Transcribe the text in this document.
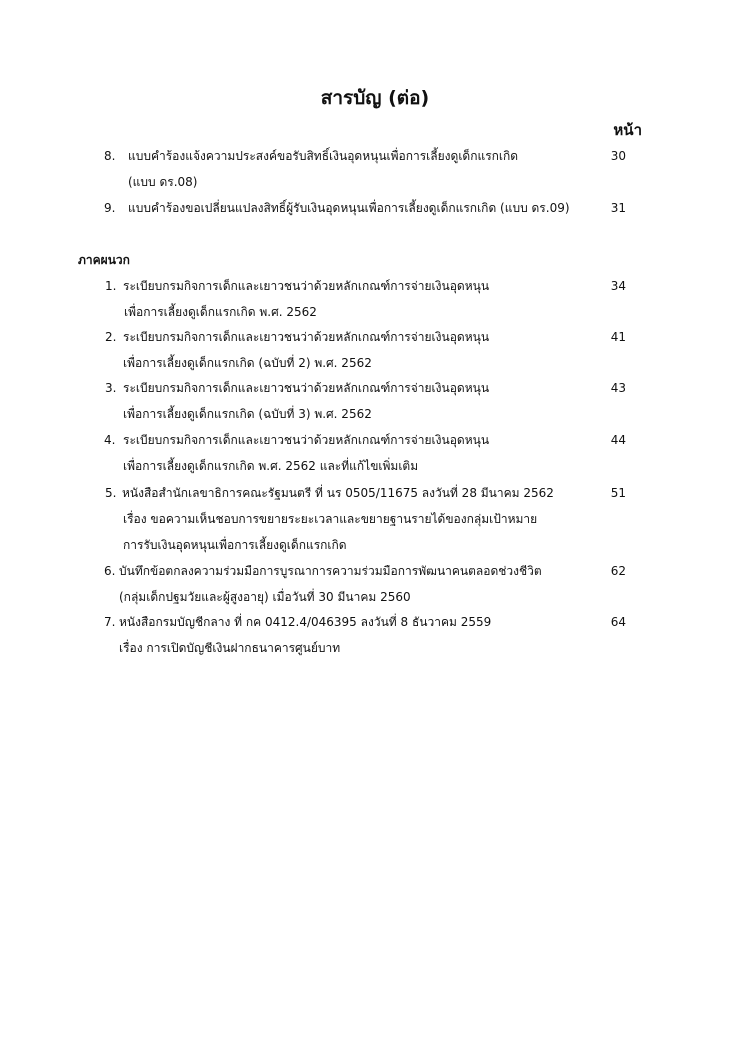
สารบัญ (ต่อ)
หน้า
8. แบบคำร้องแจ้งความประสงค์ขอรับสิทธิ์เงินอุดหนุนเพื่อการเลี้ยงดูเด็กแรกเกิด
(แบบ ดร.08)
30
9. แบบคำร้องขอเปลี่ยนแปลงสิทธิ์ผู้รับเงินอุดหนุนเพื่อการเลี้ยงดูเด็กแรกเกิด (แบบ ดร.09)	31
ภาคผนวก
1. ระเบียบกรมกิจการเด็กและเยาวชนว่าด้วยหลักเกณฑ์การจ่ายเงินอุดหนุน
เพื่อการเลี้ยงดูเด็กแรกเกิด พ.ศ. 2562
34
2. ระเบียบกรมกิจการเด็กและเยาวชนว่าด้วยหลักเกณฑ์การจ่ายเงินอุดหนุน
เพื่อการเลี้ยงดูเด็กแรกเกิด (ฉบับที่ 2) พ.ศ. 2562
41
3. ระเบียบกรมกิจการเด็กและเยาวชนว่าด้วยหลักเกณฑ์การจ่ายเงินอุดหนุน
เพื่อการเลี้ยงดูเด็กแรกเกิด (ฉบับที่ 3) พ.ศ. 2562
43
4. ระเบียบกรมกิจการเด็กและเยาวชนว่าด้วยหลักเกณฑ์การจ่ายเงินอุดหนุน
เพื่อการเลี้ยงดูเด็กแรกเกิด พ.ศ. 2562 และที่แก้ไขเพิ่มเติม
44
5. หนังสือสำนักเลขาธิการคณะรัฐมนตรี ที่ นร 0505/11675 ลงวันที่ 28 มีนาคม 2562
เรื่อง ขอความเห็นชอบการขยายระยะเวลาและขยายฐานรายได้ของกลุ่มเป้าหมาย
การรับเงินอุดหนุนเพื่อการเลี้ยงดูเด็กแรกเกิด
51
6. บันทึกข้อตกลงความร่วมมือการบูรณาการความร่วมมือการพัฒนาคนตลอดช่วงชีวิต
(กลุ่มเด็กปฐมวัยและผู้สูงอายุ) เมื่อวันที่ 30 มีนาคม 2560
62
7. หนังสือกรมบัญชีกลาง ที่ กค 0412.4/046395 ลงวันที่ 8 ธันวาคม 2559
เรื่อง การเปิดบัญชีเงินฝากธนาคารศูนย์บาท
64
